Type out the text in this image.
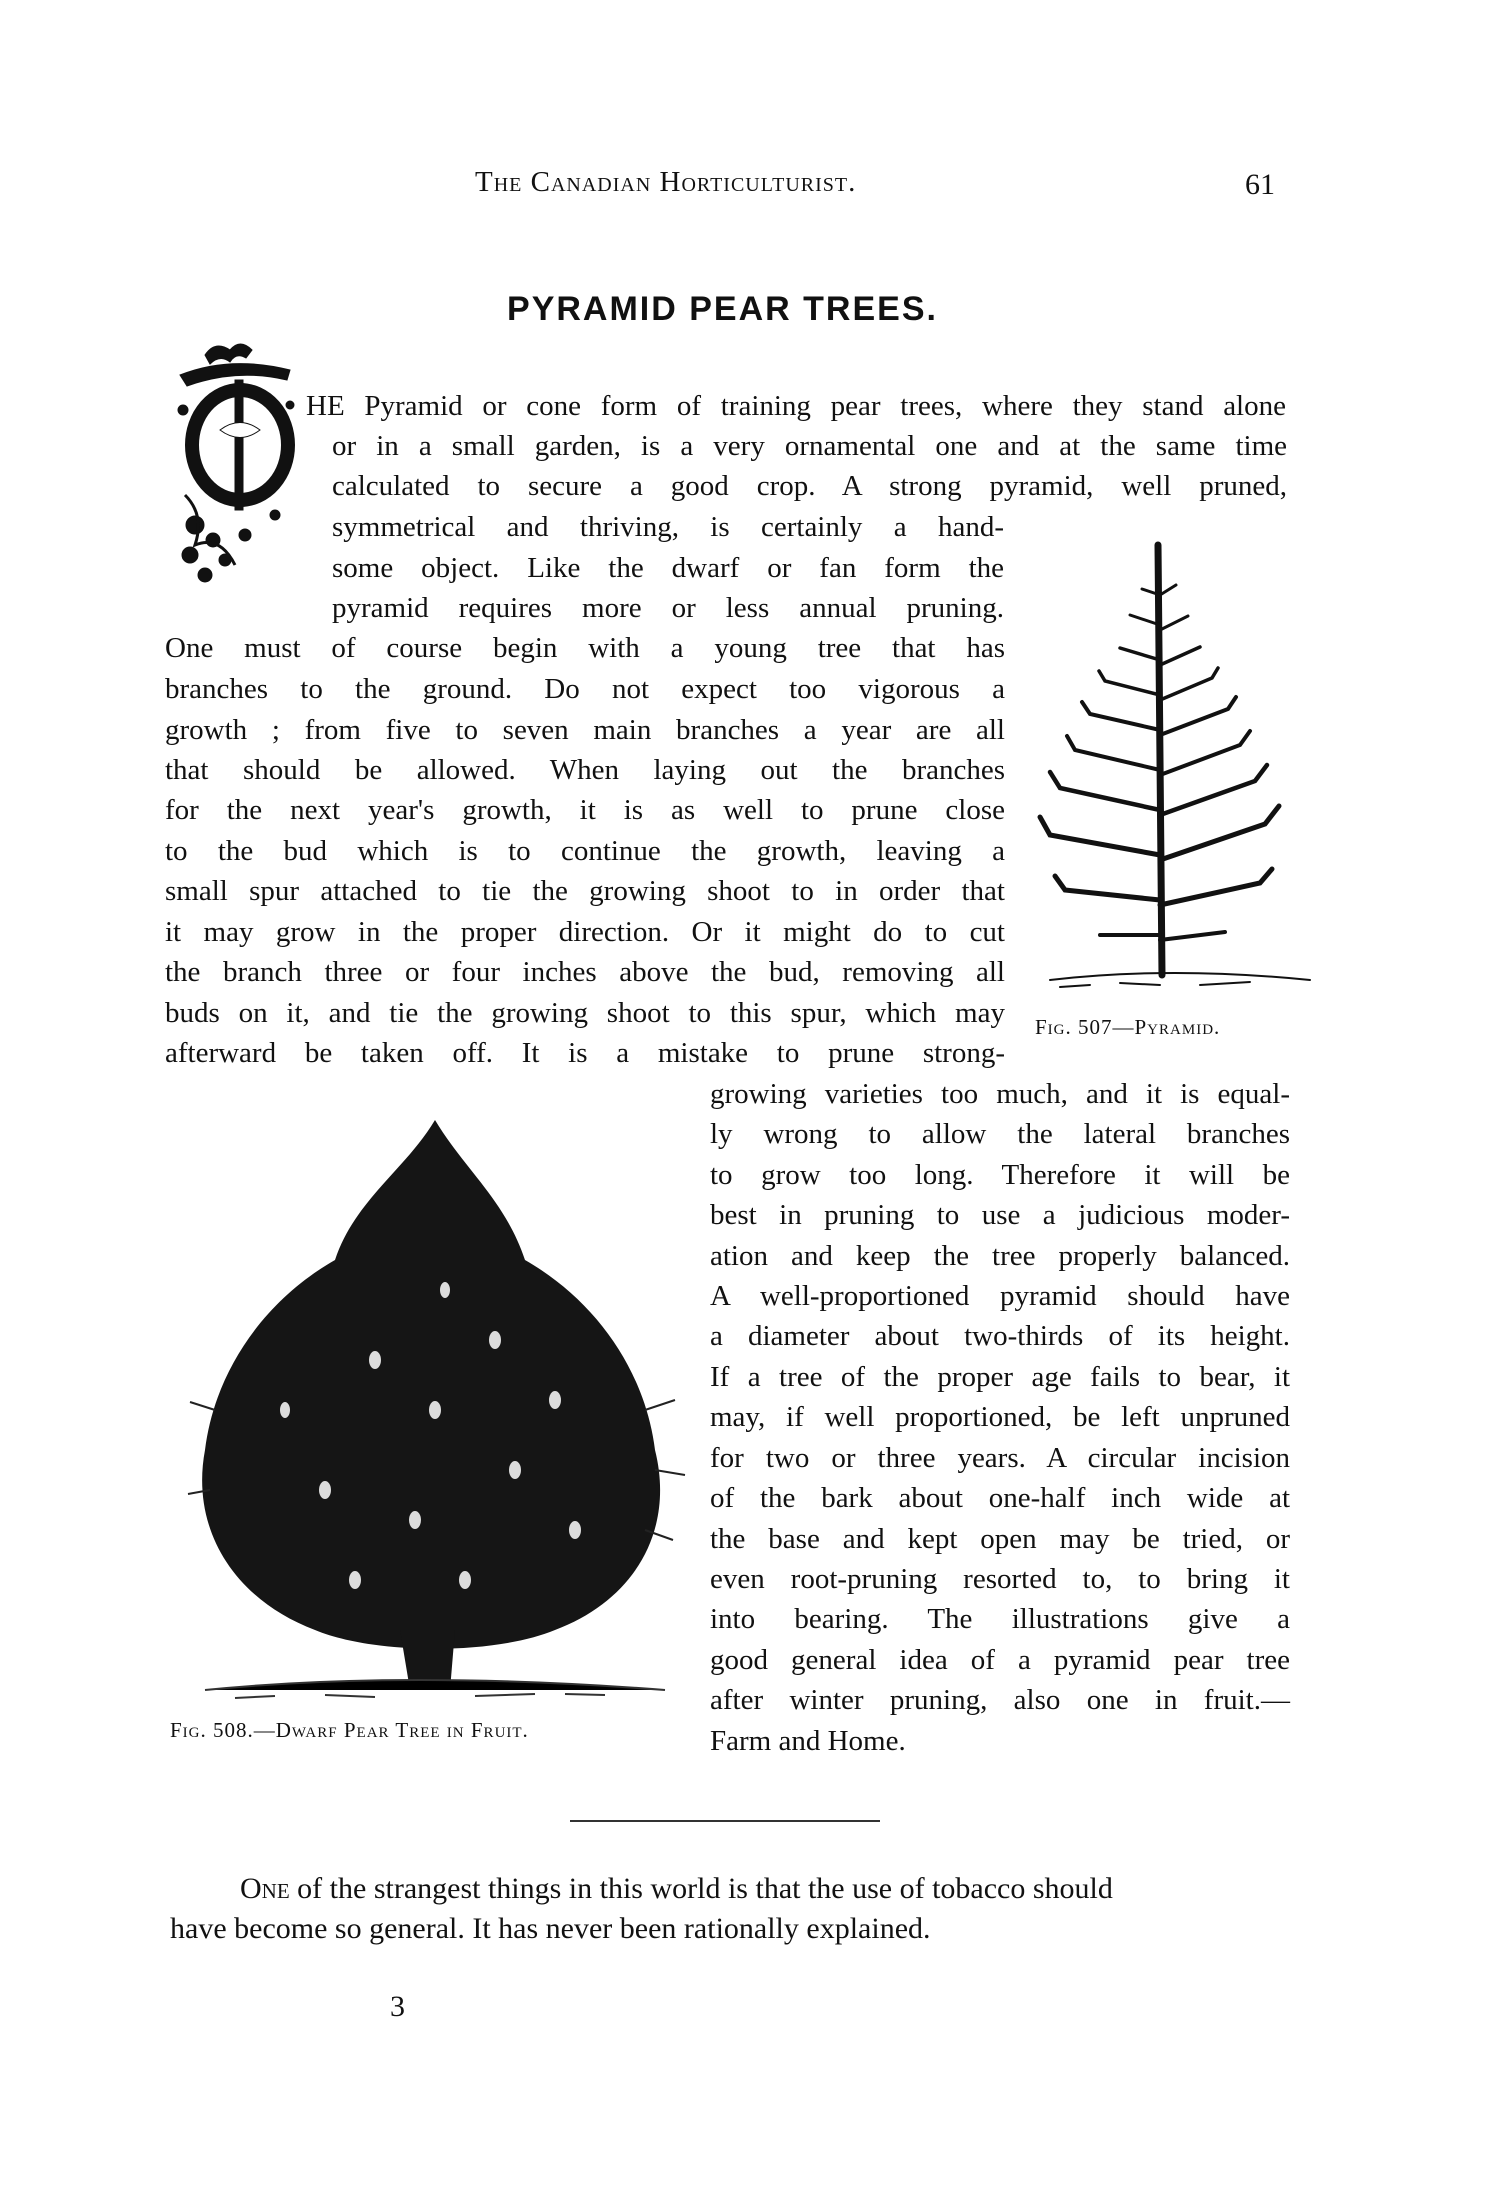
The Canadian Horticulturist.	61
PYRAMID PEAR TREES.
HE Pyramid or cone form of training pear trees, where they stand alone
or in a small garden, is a very ornamental one and at the same time
calculated to secure a good crop. A strong pyramid, well pruned,
symmetrical and thriving, is certainly a hand-
some object. Like the dwarf or fan form the
pyramid requires more or less annual pruning.
One must of course begin with a young tree that has
branches to the ground. Do not expect too vigorous a
growth ; from five to seven main branches a year are all
that should be allowed. When laying out the branches
for the next year's growth, it is as well to prune close
to the bud which is to continue the growth, leaving a
small spur attached to tie the growing shoot to in order that
it may grow in the proper direction. Or it might do to cut
the branch three or four inches above the bud, removing all
buds on it, and tie the growing shoot to this spur, which may
afterward be taken off. It is a mistake to prune strong-
growing varieties too much, and it is equal-
ly wrong to allow the lateral branches
to grow too long. Therefore it will be
best in pruning to use a judicious moder-
ation and keep the tree properly balanced.
A well-proportioned pyramid should have
a diameter about two-thirds of its height.
If a tree of the proper age fails to bear, it
may, if well proportioned, be left unpruned
for two or three years. A circular incision
of the bark about one-half inch wide at
the base and kept open may be tried, or
even root-pruning resorted to, to bring it
into bearing. The illustrations give a
good general idea of a pyramid pear tree
after winter pruning, also one in fruit.—
Farm and Home.
Fig. 507—Pyramid.
Fig. 508.—Dwarf Pear Tree in Fruit.
One of the strangest things in this world is that the use of tobacco should
have become so general. It has never been rationally explained.
3
